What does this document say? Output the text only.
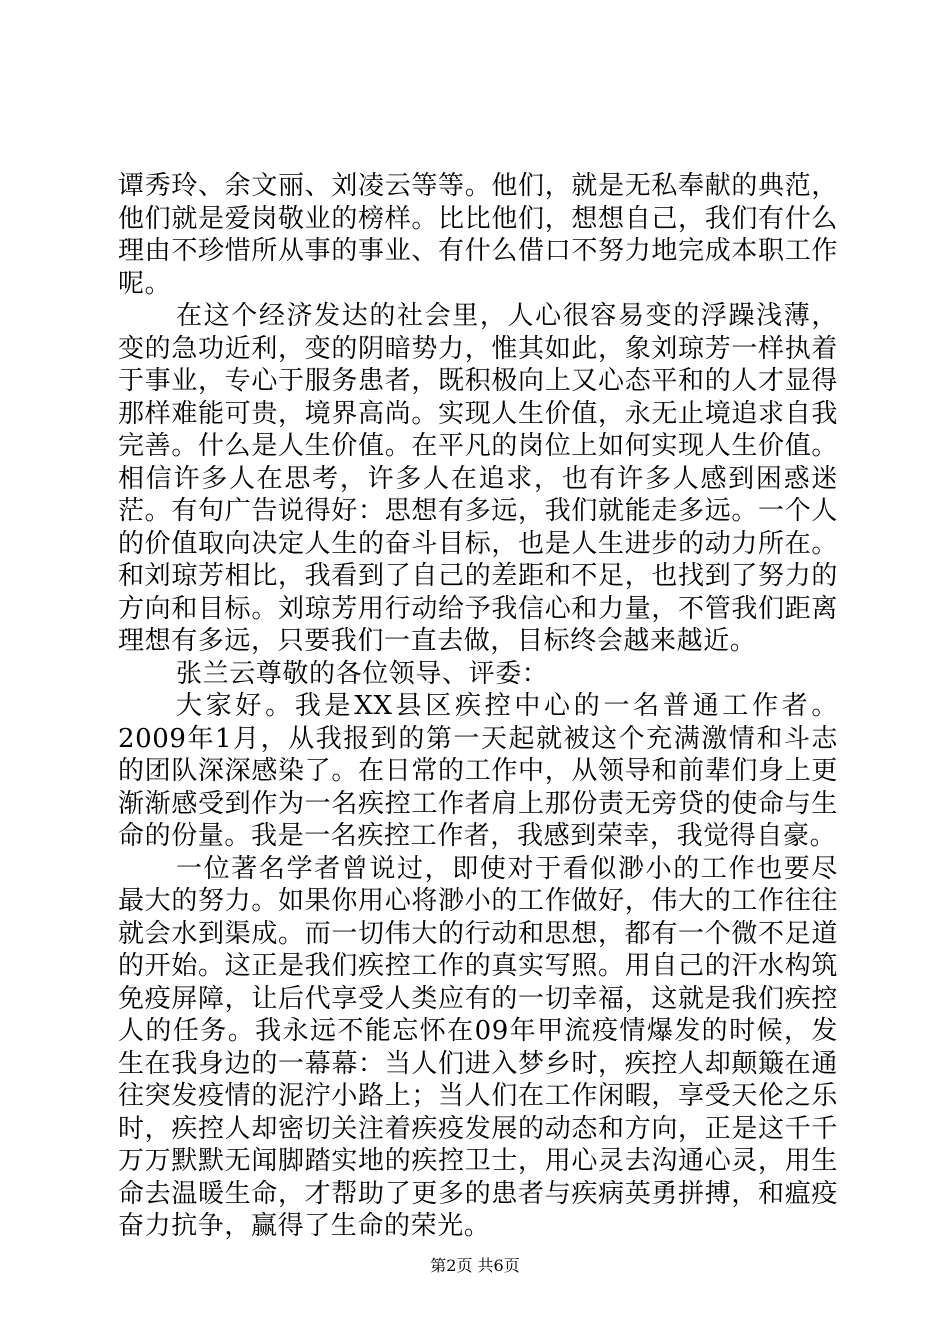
谭秀玲、余文丽、刘凌云等等。他们，就是无私奉献的典范，他们就是爱岗敬业的榜样。比比他们，想想自己，我们有什么理由不珍惜所从事的事业、有什么借口不努力地完成本职工作呢。

在这个经济发达的社会里，人心很容易变的浮躁浅薄，变的急功近利，变的阴暗势力，惟其如此，象刘琼芳一样执着于事业，专心于服务患者，既积极向上又心态平和的人才显得那样难能可贵，境界高尚。实现人生价值，永无止境追求自我完善。什么是人生价值。在平凡的岗位上如何实现人生价值。相信许多人在思考，许多人在追求，也有许多人感到困惑迷茫。有句广告说得好：思想有多远，我们就能走多远。一个人的价值取向决定人生的奋斗目标，也是人生进步的动力所在。和刘琼芳相比，我看到了自己的差距和不足，也找到了努力的方向和目标。刘琼芳用行动给予我信心和力量，不管我们距离理想有多远，只要我们一直去做，目标终会越来越近。

张兰云尊敬的各位领导、评委：

大家好。我是XX县区疾控中心的一名普通工作者。2009年1月，从我报到的第一天起就被这个充满激情和斗志的团队深深感染了。在日常的工作中，从领导和前辈们身上更渐渐感受到作为一名疾控工作者肩上那份责无旁贷的使命与生命的份量。我是一名疾控工作者，我感到荣幸，我觉得自豪。

一位著名学者曾说过，即使对于看似渺小的工作也要尽最大的努力。如果你用心将渺小的工作做好，伟大的工作往往就会水到渠成。而一切伟大的行动和思想，都有一个微不足道的开始。这正是我们疾控工作的真实写照。用自己的汗水构筑免疫屏障，让后代享受人类应有的一切幸福，这就是我们疾控人的任务。我永远不能忘怀在09年甲流疫情爆发的时候，发生在我身边的一幕幕：当人们进入梦乡时，疾控人却颠簸在通往突发疫情的泥泞小路上；当人们在工作闲暇，享受天伦之乐时，疾控人却密切关注着疾疫发展的动态和方向，正是这千千万万默默无闻脚踏实地的疾控卫士，用心灵去沟通心灵，用生命去温暖生命，才帮助了更多的患者与疾病英勇拼搏，和瘟疫奋力抗争，赢得了生命的荣光。

第2页 共6页
